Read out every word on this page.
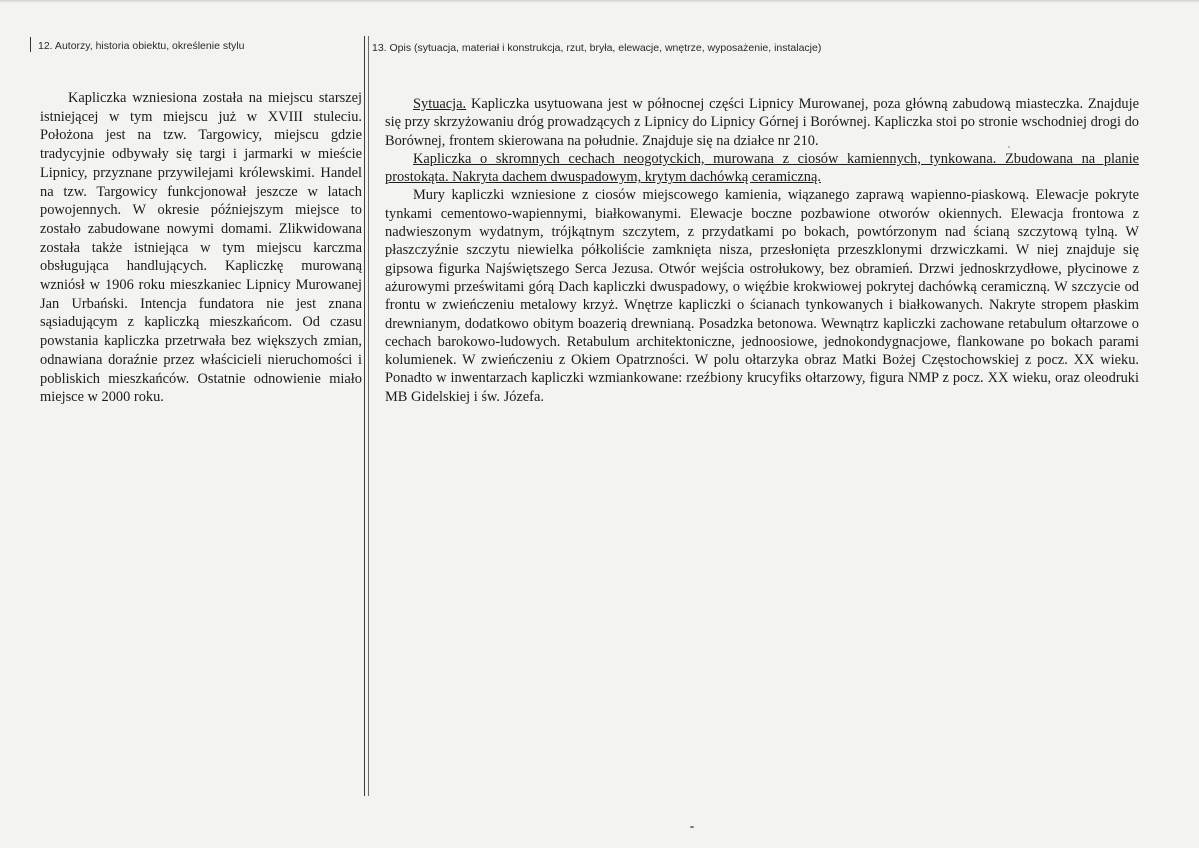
12. Autorzy, historia obiektu, określenie stylu	13. Opis (sytuacja, materiał i konstrukcja, rzut, bryła, elewacje, wnętrze, wyposażenie, instalacje)

Kapliczka wzniesiona została na miejscu starszej istniejącej w tym miejscu już w XVIII stuleciu. Położona jest na tzw. Targowicy, miejscu gdzie tradycyjnie odbywały się targi i jarmarki w mieście Lipnicy, przyznane przywilejami królewskimi. Handel na tzw. Targowicy funkcjonował jeszcze w latach powojennych. W okresie późniejszym miejsce to zostało zabudowane nowymi domami. Zlikwidowana została także istniejąca w tym miejscu karczma obsługująca handlujących. Kapliczkę murowaną wzniósł w 1906 roku mieszkaniec Lipnicy Murowanej Jan Urbański. Intencja fundatora nie jest znana sąsiadującym z kapliczką mieszkańcom. Od czasu powstania kapliczka przetrwała bez większych zmian, odnawiana doraźnie przez właścicieli nieruchomości i pobliskich mieszkańców. Ostatnie odnowienie miało miejsce w 2000 roku.

Sytuacja. Kapliczka usytuowana jest w północnej części Lipnicy Murowanej, poza główną zabudową miasteczka. Znajduje się przy skrzyżowaniu dróg prowadzących z Lipnicy do Lipnicy Górnej i Borównej. Kapliczka stoi po stronie wschodniej drogi do Borównej, frontem skierowana na południe. Znajduje się na działce nr 210.

Kapliczka o skromnych cechach neogotyckich, murowana z ciosów kamiennych, tynkowana. Zbudowana na planie prostokąta. Nakryta dachem dwuspadowym, krytym dachówką ceramiczną.

Mury kapliczki wzniesione z ciosów miejscowego kamienia, wiązanego zaprawą wapienno-piaskową. Elewacje pokryte tynkami cementowo-wapiennymi, białkowanymi. Elewacje boczne pozbawione otworów okiennych. Elewacja frontowa z nadwieszonym wydatnym, trójkątnym szczytem, z przydatkami po bokach, powtórzonym nad ścianą szczytową tylną. W płaszczyźnie szczytu niewielka półkoliście zamknięta nisza, przesłonięta przeszklonymi drzwiczkami. W niej znajduje się gipsowa figurka Najświętszego Serca Jezusa. Otwór wejścia ostrołukowy, bez obramień. Drzwi jednoskrzydłowe, płycinowe z ażurowymi prześwitami górą Dach kapliczki dwuspadowy, o więźbie krokwiowej pokrytej dachówką ceramiczną. W szczycie od frontu w zwieńczeniu metalowy krzyż. Wnętrze kapliczki o ścianach tynkowanych i białkowanych. Nakryte stropem płaskim drewnianym, dodatkowo obitym boazerią drewnianą. Posadzka betonowa. Wewnątrz kapliczki zachowane retabulum ołtarzowe o cechach barokowo-ludowych. Retabulum architektoniczne, jednoosiowe, jednokondygnacjowe, flankowane po bokach parami kolumienek. W zwieńczeniu z Okiem Opatrzności. W polu ołtarzyka obraz Matki Bożej Częstochowskiej z pocz. XX wieku. Ponadto w inwentarzach kapliczki wzmiankowane: rzeźbiony krucyfiks ołtarzowy, figura NMP z pocz. XX wieku, oraz oleodruki MB Gidelskiej i św. Józefa.
